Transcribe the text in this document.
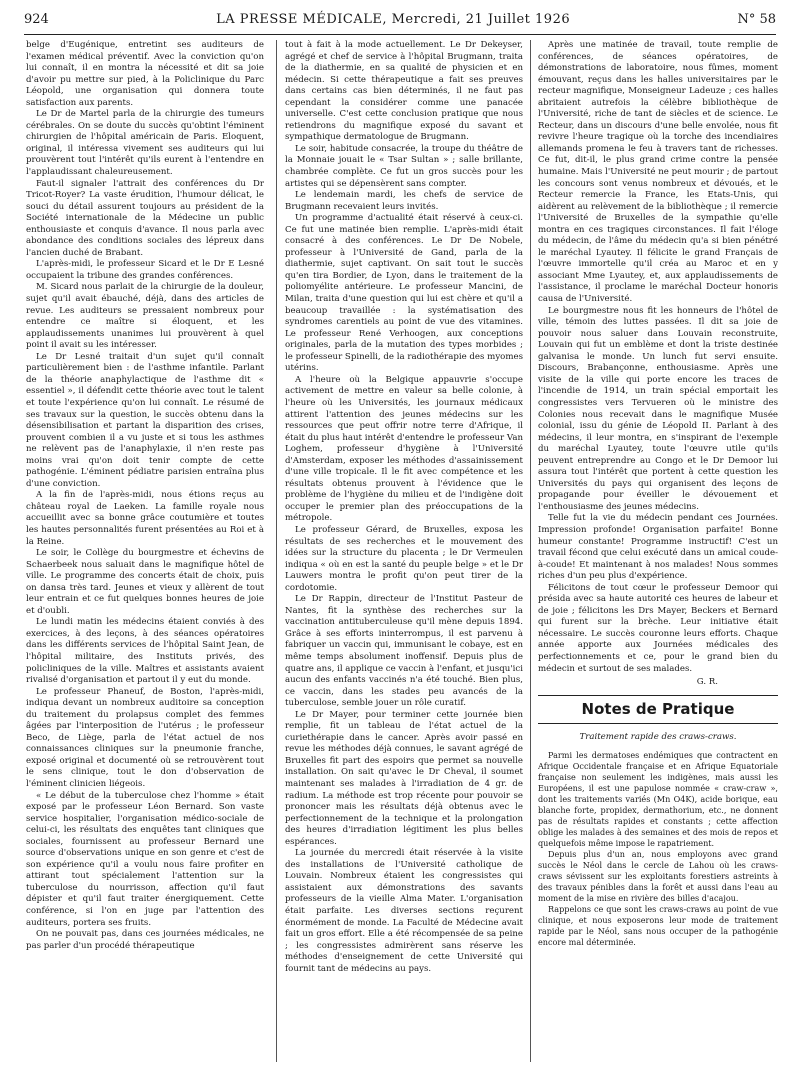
924	LA PRESSE MÉDICALE, Mercredi, 21 Juillet 1926	N° 58

belge d'Eugénique, entretint ses auditeurs de l'examen médical préventif. Avec la conviction qu'on lui connaît, il en montra la nécessité et dit sa joie d'avoir pu mettre sur pied, à la Policlinique du Parc Léopold, une organisation qui donnera toute satisfaction aux parents.

Le Dr de Martel parla de la chirurgie des tumeurs cérébrales. On se doute du succès qu'obtint l'éminent chirurgien de l'hôpital américain de Paris. Eloquent, original, il intéressa vivement ses auditeurs qui lui prouvèrent tout l'intérêt qu'ils eurent à l'entendre en l'applaudissant chaleureusement.

Faut-il signaler l'attrait des conférences du Dr Tricot-Royer? La vaste érudition, l'humour délicat, le souci du détail assurent toujours au président de la Société internationale de la Médecine un public enthousiaste et conquis d'avance. Il nous parla avec abondance des conditions sociales des lépreux dans l'ancien duché de Brabant.

L'après-midi, le professeur Sicard et le Dr E Lesné occupaient la tribune des grandes conférences.

M. Sicard nous parlait de la chirurgie de la douleur, sujet qu'il avait ébauché, déjà, dans des articles de revue. Les auditeurs se pressaient nombreux pour entendre ce maître si éloquent, et les applaudissements unanimes lui prouvèrent à quel point il avait su les intéresser.

Le Dr Lesné traitait d'un sujet qu'il connaît particulièrement bien : de l'asthme infantile. Parlant de la théorie anaphylactique de l'asthme dit « essentiel », il défendit cette théorie avec tout le talent et toute l'expérience qu'on lui connaît. Le résumé de ses travaux sur la question, le succès obtenu dans la désensibilisation et partant la disparition des crises, prouvent combien il a vu juste et si tous les asthmes ne relèvent pas de l'anaphylaxie, il n'en reste pas moins vrai qu'on doit tenir compte de cette pathogénie. L'éminent pédiatre parisien entraîna plus d'une conviction.

A la fin de l'après-midi, nous étions reçus au château royal de Laeken. La famille royale nous accueillit avec sa bonne grâce coutumière et toutes les hautes personnalités furent présentées au Roi et à la Reine.

Le soir, le Collège du bourgmestre et échevins de Schaerbeek nous saluait dans le magnifique hôtel de ville. Le programme des concerts était de choix, puis on dansa très tard. Jeunes et vieux y allèrent de tout leur entrain et ce fut quelques bonnes heures de joie et d'oubli.

Le lundi matin les médecins étaient conviés à des exercices, à des leçons, à des séances opératoires dans les différents services de l'hôpital Saint Jean, de l'hôpital militaire, des Instituts privés, des policliniques de la ville. Maîtres et assistants avaient rivalisé d'organisation et partout il y eut du monde.

Le professeur Phaneuf, de Boston, l'après-midi, indiqua devant un nombreux auditoire sa conception du traitement du prolapsus complet des femmes âgées par l'interposition de l'utérus ; le professeur Beco, de Liège, parla de l'état actuel de nos connaissances cliniques sur la pneumonie franche, exposé original et documenté où se retrouvèrent tout le sens clinique, tout le don d'observation de l'éminent clinicien liégeois.

« Le début de la tuberculose chez l'homme » était exposé par le professeur Léon Bernard. Son vaste service hospitalier, l'organisation médico-sociale de celui-ci, les résultats des enquêtes tant cliniques que sociales, fournissent au professeur Bernard une source d'observations unique en son genre et c'est de son expérience qu'il a voulu nous faire profiter en attirant tout spécialement l'attention sur la tuberculose du nourrisson, affection qu'il faut dépister et qu'il faut traiter énergiquement. Cette conférence, si l'on en juge par l'attention des auditeurs, portera ses fruits.

On ne pouvait pas, dans ces journées médicales, ne pas parler d'un procédé thérapeutique

tout à fait à la mode actuellement. Le Dr Dekeyser, agrégé et chef de service à l'hôpital Brugmann, traita de la diathermie, en sa qualité de physicien et en médecin. Si cette thérapeutique a fait ses preuves dans certains cas bien déterminés, il ne faut pas cependant la considérer comme une panacée universelle. C'est cette conclusion pratique que nous retiendrons du magnifique exposé du savant et sympathique dermatologue de Brugmann.

Le soir, habitude consacrée, la troupe du théâtre de la Monnaie jouait le « Tsar Sultan » ; salle brillante, chambrée complète. Ce fut un gros succès pour les artistes qui se dépensèrent sans compter.

Le lendemain mardi, les chefs de service de Brugmann recevaient leurs invités.

Un programme d'actualité était réservé à ceux-ci. Ce fut une matinée bien remplie. L'après-midi était consacré à des conférences. Le Dr De Nobele, professeur à l'Université de Gand, parla de la diathermie, sujet captivant. On sait tout le succès qu'en tira Bordier, de Lyon, dans le traitement de la poliomyélite antérieure. Le professeur Mancini, de Milan, traita d'une question qui lui est chère et qu'il a beaucoup travaillée : la systématisation des syndromes carentiels au point de vue des vitamines. Le professeur René Verhoogen, aux conceptions originales, parla de la mutation des types morbides ; le professeur Spinelli, de la radiothérapie des myomes utérins.

A l'heure où la Belgique appauvrie s'occupe activement de mettre en valeur sa belle colonie, à l'heure où les Universités, les journaux médicaux attirent l'attention des jeunes médecins sur les ressources que peut offrir notre terre d'Afrique, il était du plus haut intérêt d'entendre le professeur Van Loghem, professeur d'hygiène à l'Université d'Amsterdam, exposer les méthodes d'assainissement d'une ville tropicale. Il le fit avec compétence et les résultats obtenus prouvent à l'évidence que le problème de l'hygiène du milieu et de l'indigène doit occuper le premier plan des préoccupations de la métropole.

Le professeur Gérard, de Bruxelles, exposa les résultats de ses recherches et le mouvement des idées sur la structure du placenta ; le Dr Vermeulen indiqua « où en est la santé du peuple belge » et le Dr Lauwers montra le profit qu'on peut tirer de la cordotomie.

Le Dr Rappin, directeur de l'Institut Pasteur de Nantes, fit la synthèse des recherches sur la vaccination antituberculeuse qu'il mène depuis 1894. Grâce à ses efforts ininterrompus, il est parvenu à fabriquer un vaccin qui, immunisant le cobaye, est en même temps absolument inoffensif. Depuis plus de quatre ans, il applique ce vaccin à l'enfant, et jusqu'ici aucun des enfants vaccinés n'a été touché. Bien plus, ce vaccin, dans les stades peu avancés de la tuberculose, semble jouer un rôle curatif.

Le Dr Mayer, pour terminer cette journée bien remplie, fit un tableau de l'état actuel de la curiethérapie dans le cancer. Après avoir passé en revue les méthodes déjà connues, le savant agrégé de Bruxelles fit part des espoirs que permet sa nouvelle installation. On sait qu'avec le Dr Cheval, il soumet maintenant ses malades à l'irradiation de 4 gr. de radium. La méthode est trop récente pour pouvoir se prononcer mais les résultats déjà obtenus avec le perfectionnement de la technique et la prolongation des heures d'irradiation légitiment les plus belles espérances.

La journée du mercredi était réservée à la visite des installations de l'Université catholique de Louvain. Nombreux étaient les congressistes qui assistaient aux démonstrations des savants professeurs de la vieille Alma Mater. L'organisation était parfaite. Les diverses sections reçurent énormément de monde. La Faculté de Médecine avait fait un gros effort. Elle a été récompensée de sa peine ; les congressistes admirèrent sans réserve les méthodes d'enseignement de cette Université qui fournit tant de médecins au pays.

Après une matinée de travail, toute remplie de conférences, de séances opératoires, de démonstrations de laboratoire, nous fûmes, moment émouvant, reçus dans les halles universitaires par le recteur magnifique, Monseigneur Ladeuze ; ces halles abritaient autrefois la célèbre bibliothèque de l'Université, riche de tant de siècles et de science. Le Recteur, dans un discours d'une belle envolée, nous fit revivre l'heure tragique où la torche des incendiaires allemands promena le feu à travers tant de richesses. Ce fut, dit-il, le plus grand crime contre la pensée humaine. Mais l'Université ne peut mourir ; de partout les concours sont venus nombreux et dévoués, et le Recteur remercie la France, les Etats-Unis, qui aidèrent au relèvement de la bibliothèque ; il remercie l'Université de Bruxelles de la sympathie qu'elle montra en ces tragiques circonstances. Il fait l'éloge du médecin, de l'âme du médecin qu'a si bien pénétré le maréchal Lyautey. Il félicite le grand Français de l'œuvre immortelle qu'il créa au Maroc et en y associant Mme Lyautey, et, aux applaudissements de l'assistance, il proclame le maréchal Docteur honoris causa de l'Université.

Le bourgmestre nous fit les honneurs de l'hôtel de ville, témoin des luttes passées. Il dit sa joie de pouvoir nous saluer dans Louvain reconstruite, Louvain qui fut un emblème et dont la triste destinée galvanisa le monde. Un lunch fut servi ensuite. Discours, Brabançonne, enthousiasme. Après une visite de la ville qui porte encore les traces de l'incendie de 1914, un train spécial emportait les congressistes vers Tervueren où le ministre des Colonies nous recevait dans le magnifique Musée colonial, issu du génie de Léopold II. Parlant à des médecins, il leur montra, en s'inspirant de l'exemple du maréchal Lyautey, toute l'œuvre utile qu'ils peuvent entreprendre au Congo et le Dr Demoor lui assura tout l'intérêt que portent à cette question les Universités du pays qui organisent des leçons de propagande pour éveiller le dévouement et l'enthousiasme des jeunes médecins.

Telle fut la vie du médecin pendant ces Journées. Impression profonde! Organisation parfaite! Bonne humeur constante! Programme instructif! C'est un travail fécond que celui exécuté dans un amical coude-à-coude! Et maintenant à nos malades! Nous sommes riches d'un peu plus d'expérience.

Félicitons de tout cœur le professeur Demoor qui présida avec sa haute autorité ces heures de labeur et de joie ; félicitons les Drs Mayer, Beckers et Bernard qui furent sur la brèche. Leur initiative était nécessaire. Le succès couronne leurs efforts. Chaque année apporte aux Journées médicales des perfectionnements et ce, pour le grand bien du médecin et surtout de ses malades.

G. R.
Notes de Pratique
Traitement rapide des craws-craws.

Parmi les dermatoses endémiques que contractent en Afrique Occidentale française et en Afrique Equatoriale française non seulement les indigènes, mais aussi les Européens, il est une papulose nommée « craw-craw », dont les traitements variés (Mn O4K), acide borique, eau blanche forte, propidex, dermathorium, etc., ne donnent pas de résultats rapides et constants ; cette affection oblige les malades à des semaines et des mois de repos et quelquefois même impose le rapatriement.

Depuis plus d'un an, nous employons avec grand succès le Néol dans le cercle de Lahou où les craws-craws sévissent sur les exploitants forestiers astreints à des travaux pénibles dans la forêt et aussi dans l'eau au moment de la mise en rivière des billes d'acajou.

Rappelons ce que sont les craws-craws au point de vue clinique, et nous exposerons leur mode de traitement rapide par le Néol, sans nous occuper de la pathogénie encore mal déterminée.
